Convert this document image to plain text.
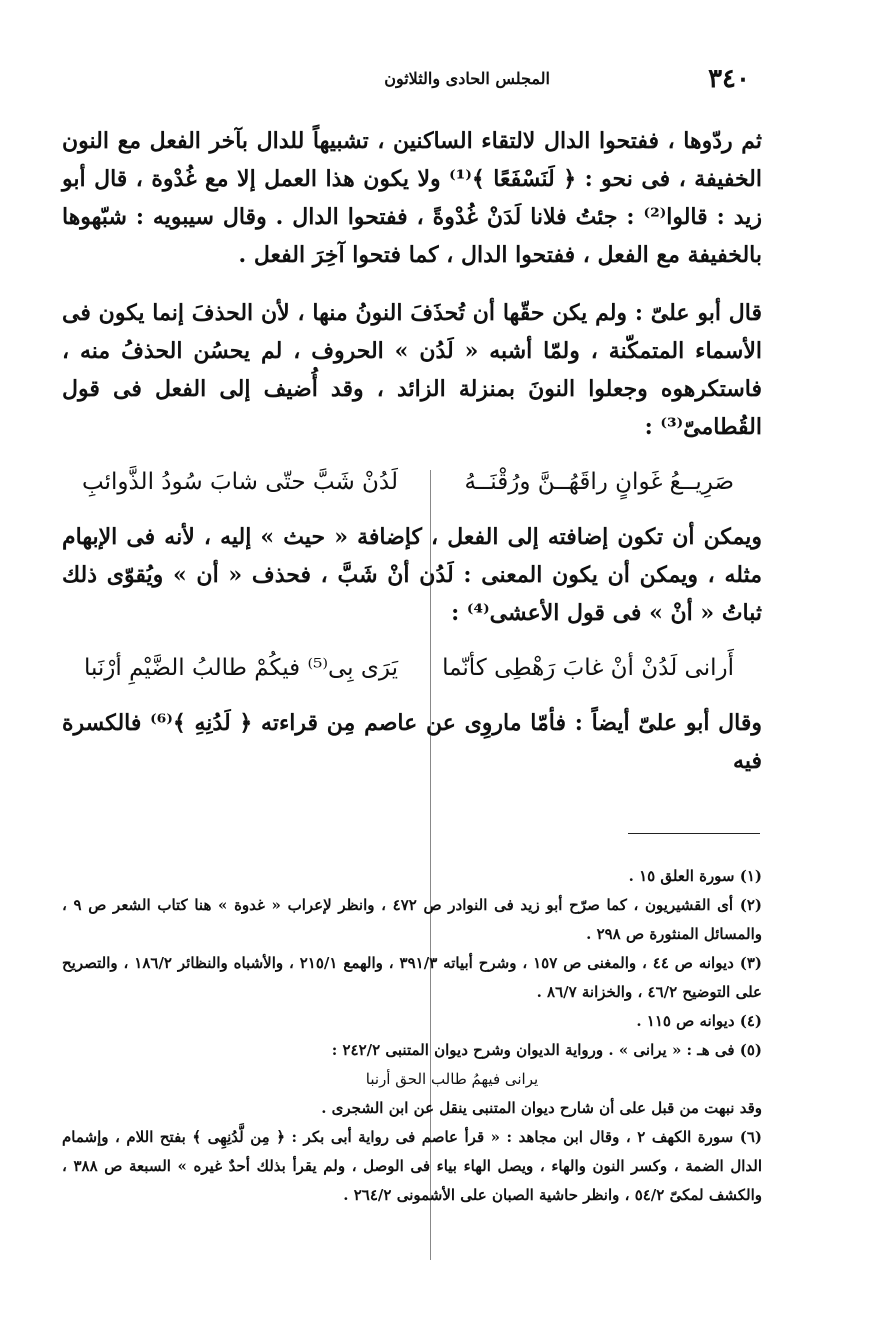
٣٤٠
المجلس الحادى والثلاثون

ثم ردّوها ، ففتحوا الدال لالتقاء الساكنين ، تشبيهاً للدال بآخر الفعل مع النون الخفيفة ، فى نحو : ﴿ لَنَسْفَعًا ﴾⁽¹⁾ ولا يكون هذا العمل إلا مع غُدْوة ، قال أبو زيد : قالوا⁽²⁾ : جئتُ فلانا لَدَنْ غُدْوةً ، ففتحوا الدال . وقال سيبويه : شبّهوها بالخفيفة مع الفعل ، ففتحوا الدال ، كما فتحوا آخِرَ الفعل .

قال أبو علىّ : ولم يكن حقّها أن تُحذَفَ النونُ منها ، لأن الحذفَ إنما يكون فى الأسماء المتمكّنة ، ولمّا أشبه « لَدُن » الحروف ، لم يحسُن الحذفُ منه ، فاستكرهوه وجعلوا النونَ بمنزلة الزائد ، وقد أُضيف إلى الفعل فى قول القُطامىّ⁽³⁾ :

صَرِيــعُ غَوانٍ راقَهُــنَّ ورُقْنَــهُ
لَدُنْ شَبَّ حتّى شابَ سُودُ الذَّوائبِ

ويمكن أن تكون إضافته إلى الفعل ، كإضافة « حيث » إليه ، لأنه فى الإبهام مثله ، ويمكن أن يكون المعنى : لَدُن أنْ شَبَّ ، فحذف « أن » ويُقوّى ذلك ثباتُ « أنْ » فى قول الأعشى⁽⁴⁾ :

أَرانى لَدُنْ أنْ غابَ رَهْطِى كأنّما
يَرَى بِى⁽⁵⁾ فيكُمْ طالبُ الضَّيْمِ أرْنَبا

وقال أبو علىّ أيضاً : فأمّا ماروِى عن عاصم مِن قراءته ﴿ لَدُنِهِ ﴾⁽⁶⁾ فالكسرة فيه

(١) سورة العلق ١٥ .

(٢) أى القشيريون ، كما صرّح أبو زيد فى النوادر ص ٤٧٢ ، وانظر لإعراب « غدوة » هنا كتاب الشعر ص ٩ ، والمسائل المنثورة ص ٢٩٨ .

(٣) ديوانه ص ٤٤ ، والمغنى ص ١٥٧ ، وشرح أبياته ٣٩١/٣ ، والهمع ٢١٥/١ ، والأشباه والنظائر ١٨٦/٢ ، والتصريح على التوضيح ٤٦/٢ ، والخزانة ٨٦/٧ .

(٤) ديوانه ص ١١٥ .

(٥) فى هـ : « يرانى » . ورواية الديوان وشرح ديوان المتنبى ٢٤٢/٢ :

يرانى فيهمُ طالب الحق أرنبا

وقد نبهت من قبل على أن شارح ديوان المتنبى ينقل عن ابن الشجرى .

(٦) سورة الكهف ٢ ، وقال ابن مجاهد : « قرأ عاصم فى رواية أبى بكر : ﴿ مِن لَّدُنِهِى ﴾ بفتح اللام ، وإشمام الدال الضمة ، وكسر النون والهاء ، ويصل الهاء بياء فى الوصل ، ولم يقرأ بذلك أحدٌ غيره » السبعة ص ٣٨٨ ، والكشف لمكىّ ٥٤/٢ ، وانظر حاشية الصبان على الأشمونى ٢٦٤/٢ .
